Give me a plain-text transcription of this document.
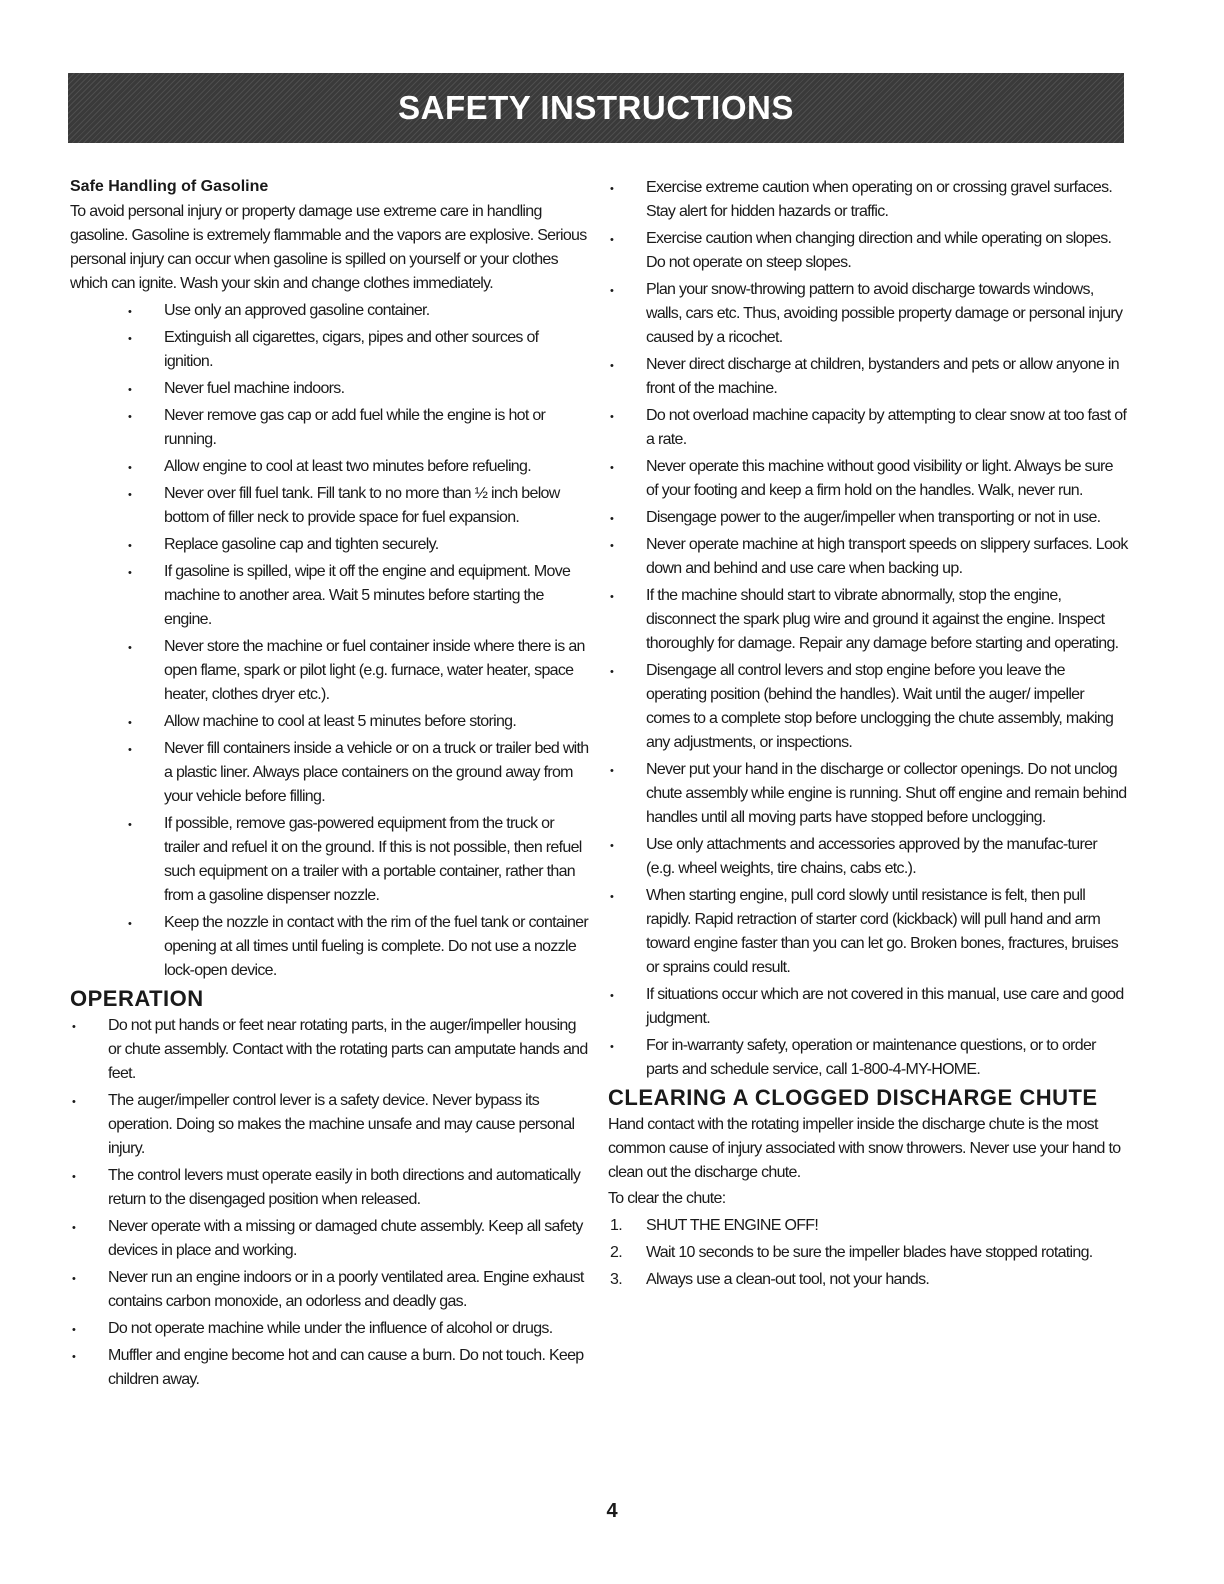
SAFETY INSTRUCTIONS
Safe Handling of Gasoline

To avoid personal injury or property damage use extreme care in handling gasoline. Gasoline is extremely flammable and the vapors are explosive. Serious personal injury can occur when gasoline is spilled on yourself or your clothes which can ignite. Wash your skin and change clothes immediately.

• Use only an approved gasoline container.
• Extinguish all cigarettes, cigars, pipes and other sources of ignition.
• Never fuel machine indoors.
• Never remove gas cap or add fuel while the engine is hot or running.
• Allow engine to cool at least two minutes before refueling.
• Never over fill fuel tank. Fill tank to no more than ½ inch below bottom of filler neck to provide space for fuel expansion.
• Replace gasoline cap and tighten securely.
• If gasoline is spilled, wipe it off the engine and equipment. Move machine to another area. Wait 5 minutes before starting the engine.
• Never store the machine or fuel container inside where there is an open flame, spark or pilot light (e.g. furnace, water heater, space heater, clothes dryer etc.).
• Allow machine to cool at least 5 minutes before storing.
• Never fill containers inside a vehicle or on a truck or trailer bed with a plastic liner. Always place containers on the ground away from your vehicle before filling.
• If possible, remove gas-powered equipment from the truck or trailer and refuel it on the ground. If this is not possible, then refuel such equipment on a trailer with a portable container, rather than from a gasoline dispenser nozzle.
• Keep the nozzle in contact with the rim of the fuel tank or container opening at all times until fueling is complete. Do not use a nozzle lock-open device.
OPERATION
• Do not put hands or feet near rotating parts, in the auger/impeller housing or chute assembly. Contact with the rotating parts can amputate hands and feet.
• The auger/impeller control lever is a safety device. Never bypass its operation. Doing so makes the machine unsafe and may cause personal injury.
• The control levers must operate easily in both directions and automatically return to the disengaged position when released.
• Never operate with a missing or damaged chute assembly. Keep all safety devices in place and working.
• Never run an engine indoors or in a poorly ventilated area. Engine exhaust contains carbon monoxide, an odorless and deadly gas.
• Do not operate machine while under the influence of alcohol or drugs.
• Muffler and engine become hot and can cause a burn. Do not touch. Keep children away.
• Exercise extreme caution when operating on or crossing gravel surfaces. Stay alert for hidden hazards or traffic.
• Exercise caution when changing direction and while operating on slopes. Do not operate on steep slopes.
• Plan your snow-throwing pattern to avoid discharge towards windows, walls, cars etc. Thus, avoiding possible property damage or personal injury caused by a ricochet.
• Never direct discharge at children, bystanders and pets or allow anyone in front of the machine.
• Do not overload machine capacity by attempting to clear snow at too fast of a rate.
• Never operate this machine without good visibility or light. Always be sure of your footing and keep a firm hold on the handles. Walk, never run.
• Disengage power to the auger/impeller when transporting or not in use.
• Never operate machine at high transport speeds on slippery surfaces. Look down and behind and use care when backing up.
• If the machine should start to vibrate abnormally, stop the engine, disconnect the spark plug wire and ground it against the engine. Inspect thoroughly for damage. Repair any damage before starting and operating.
• Disengage all control levers and stop engine before you leave the operating position (behind the handles). Wait until the auger/ impeller comes to a complete stop before unclogging the chute assembly, making any adjustments, or inspections.
• Never put your hand in the discharge or collector openings. Do not unclog chute assembly while engine is running. Shut off engine and remain behind handles until all moving parts have stopped before unclogging.
• Use only attachments and accessories approved by the manufac-turer (e.g. wheel weights, tire chains, cabs etc.).
• When starting engine, pull cord slowly until resistance is felt, then pull rapidly. Rapid retraction of starter cord (kickback) will pull hand and arm toward engine faster than you can let go. Broken bones, fractures, bruises or sprains could result.
• If situations occur which are not covered in this manual, use care and good judgment.
• For in-warranty safety, operation or maintenance questions, or to order parts and schedule service, call 1-800-4-MY-HOME.
CLEARING A CLOGGED DISCHARGE CHUTE

Hand contact with the rotating impeller inside the discharge chute is the most common cause of injury associated with snow throwers. Never use your hand to clean out the discharge chute.

To clear the chute:

1. SHUT THE ENGINE OFF!
2. Wait 10 seconds to be sure the impeller blades have stopped rotating.
3. Always use a clean-out tool, not your hands.
4
